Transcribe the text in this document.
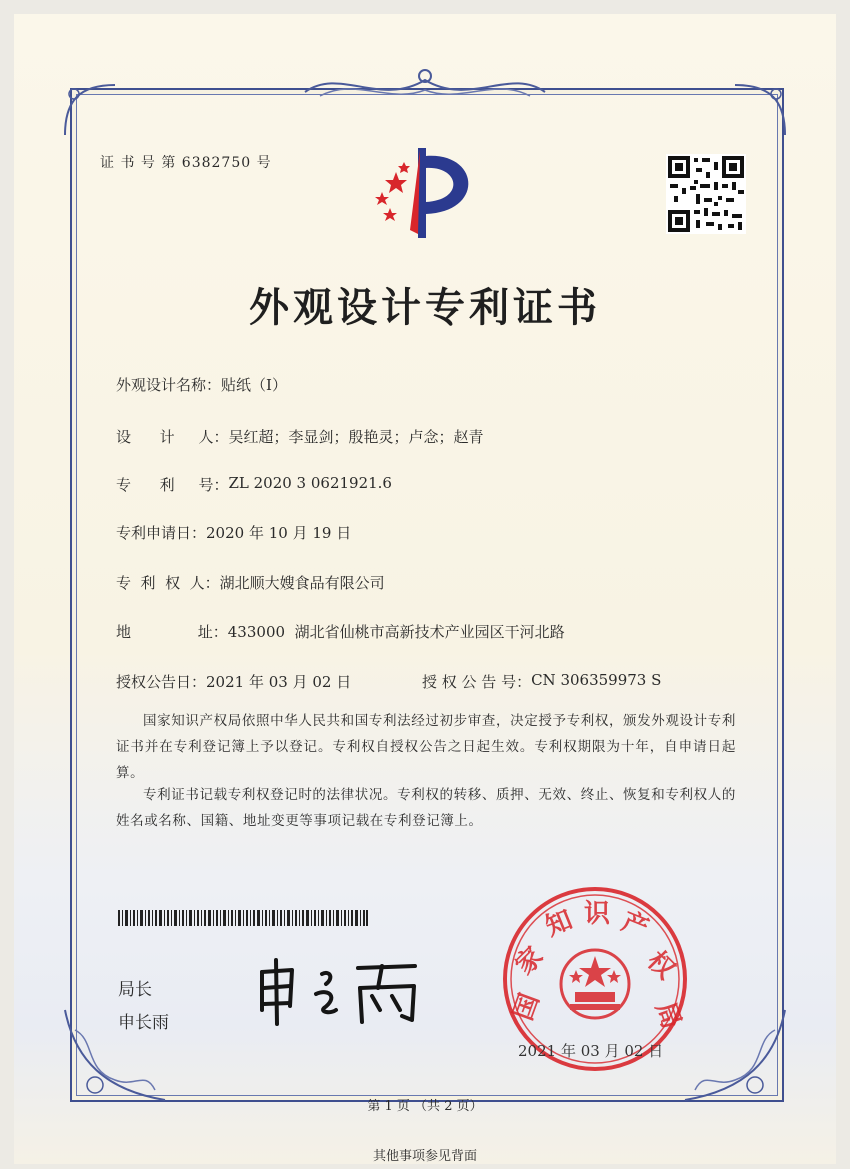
证 书 号 第 6382750 号
外观设计专利证书
外观设计名称： 贴纸（Ⅰ）
设      计     人： 吴红超；李显剑；殷艳灵；卢念；赵青
专      利     号： ZL 2020 3 0621921.6
专利申请日： 2020 年 10 月 19 日
专  利  权  人： 湖北顺大嫂食品有限公司
地              址： 433000  湖北省仙桃市高新技术产业园区干河北路
授权公告日： 2021 年 03 月 02 日	授 权 公 告 号： CN 306359973 S
国家知识产权局依照中华人民共和国专利法经过初步审查，决定授予专利权，颁发外观设计专利证书并在专利登记簿上予以登记。专利权自授权公告之日起生效。专利权期限为十年，自申请日起算。
专利证书记载专利权登记时的法律状况。专利权的转移、质押、无效、终止、恢复和专利权人的姓名或名称、国籍、地址变更等事项记载在专利登记簿上。
局长
申长雨	国
家
知 识 产
权
局
2021 年 03 月 02 日
第 1 页 （共 2 页）
其他事项参见背面
